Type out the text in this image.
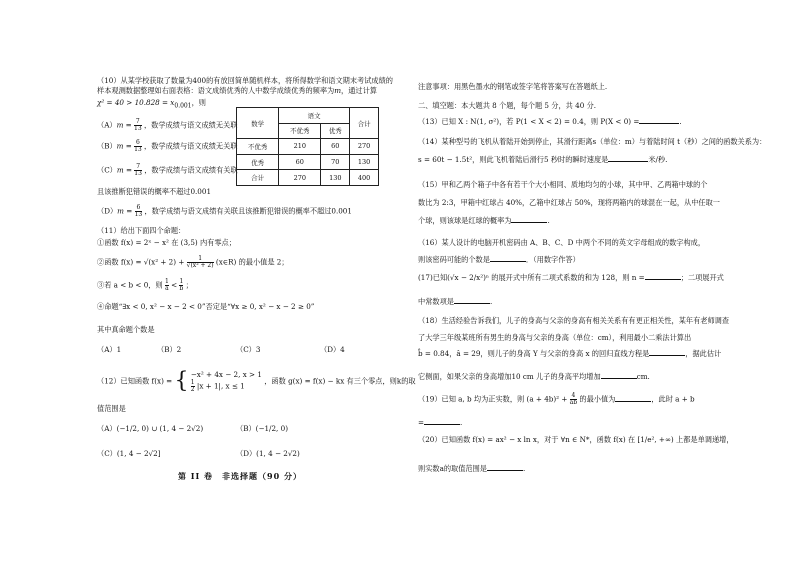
（10）从某学校获取了数量为400的有放回简单随机样本，将所得数学和语文期末考试成绩的
样本观测数据整理如右面表格：语文成绩优秀的人中数学成绩优秀的频率为m，通过计算
$\chi^2 = 40 > 10.828 = x_{0.001}$，则
$(A)m = \frac{7}{13}$ ，数学成绩与语文成绩无关联
$(B)m = \frac{6}{13}$ ，数学成绩与语文成绩无关联
$(C)m = \frac{7}{13}$ ，数学成绩与语文成绩有关联
且该推断犯错误的概率不超过0.001
$(D)m = \frac{6}{13}$ ，数学成绩与语文成绩有关联且该推断犯错误的概率不超过0.001
数学	语文		合计
	不优秀	优秀	
不优秀	210	60	270
优秀	60	70	130
合计	270	130	400
（11）给出下面四个命题：
①函数 f(x) = 2ˣ − x² 在 (3,5) 内有零点；
②函数 $f(x) = √(x^2 + 2) + \frac{1}{\text{√(x² + 2)}}$ (x∈R) 的最小值是 2；
③若 a < b < 0，则 $\frac{1}{a} < \frac{1}{b}$ ；
④命题“∃x < 0, x² − x − 2 < 0”否定是“∀x ≥ 0, x² − x − 2 ≥ 0”
其中真命题个数是
（A）1	（B）2	（C）3	（D）4
（12）已知函数 f(x) = { −x² + 4x − 2, x > 1
$\frac{1}{2} |x + 1|$, x ≤ 1
，函数 g(x) = f(x) − kx 有三个零点，则k的取
值范围是
（A）(−1/2, 0) ∪ (1, 4 − 2√2)	（B）(−1/2, 0)
（C）(1, 4 − 2√2]	（D）(1, 4 − 2√2)
第 II 卷　非选择题（90 分）
注意事项：用黑色墨水的钢笔或签字笔将答案写在答题纸上.
二、填空题：本大题共 8 个题，每个题 5 分，共 40 分.
（13）已知 X : N(1, σ²)，若 P(1 < X < 2) = 0.4，则 P(X < 0) =	.
（14）某种型号的飞机从着陆开始到停止，其滑行距离s（单位：m）与着陆时间 t（秒）之间的函数关系为：
s = 60t − 1.5t²，则此飞机着陆后滑行5 秒时的瞬时速度是	米/秒.
（15）甲和乙两个箱子中各有若干个大小相同、质地均匀的小球，其中甲、乙两箱中球的个
数比为 2:3，甲箱中红球占 40%，乙箱中红球占 50%，现将两箱内的球混在一起，从中任取一
个球，则该球是红球的概率为	.
（16）某人设计的电脑开机密码由 A、B、C、D 中两个不同的英文字母组成的数字构成，
则该密码可能的个数是	．（用数字作答）
(17)已知(√x − 2/x²)ⁿ 的展开式中所有二项式系数的和为 128，则 n =	；二项展开式
中常数项是	.
（18）生活经验告诉我们，儿子的身高与父亲的身高有相关关系有有更正相关性，某年有老师调查
了大学三年级某班所有男生的身高与父亲的身高（单位：cm），利用最小二乘法计算出
b̂ = 0.84，â = 29，则儿子的身高 Y 与父亲的身高 x 的回归直线方程是	，据此估计
它侧面，如果父亲的身高增加10 cm 儿子的身高平均增加	cm.
（19）已知 a, b 均为正实数，则 $(a + 4b)^2 + \frac{4}{ab}$ 的最小值为	，此时 a + b
=	.
（20）已知函数 f(x) = ax² − x ln x，对于 ∀n ∈ N*，函数 f(x) 在 [1/e², +∞) 上都是单调递增，
则实数a的取值范围是	.
